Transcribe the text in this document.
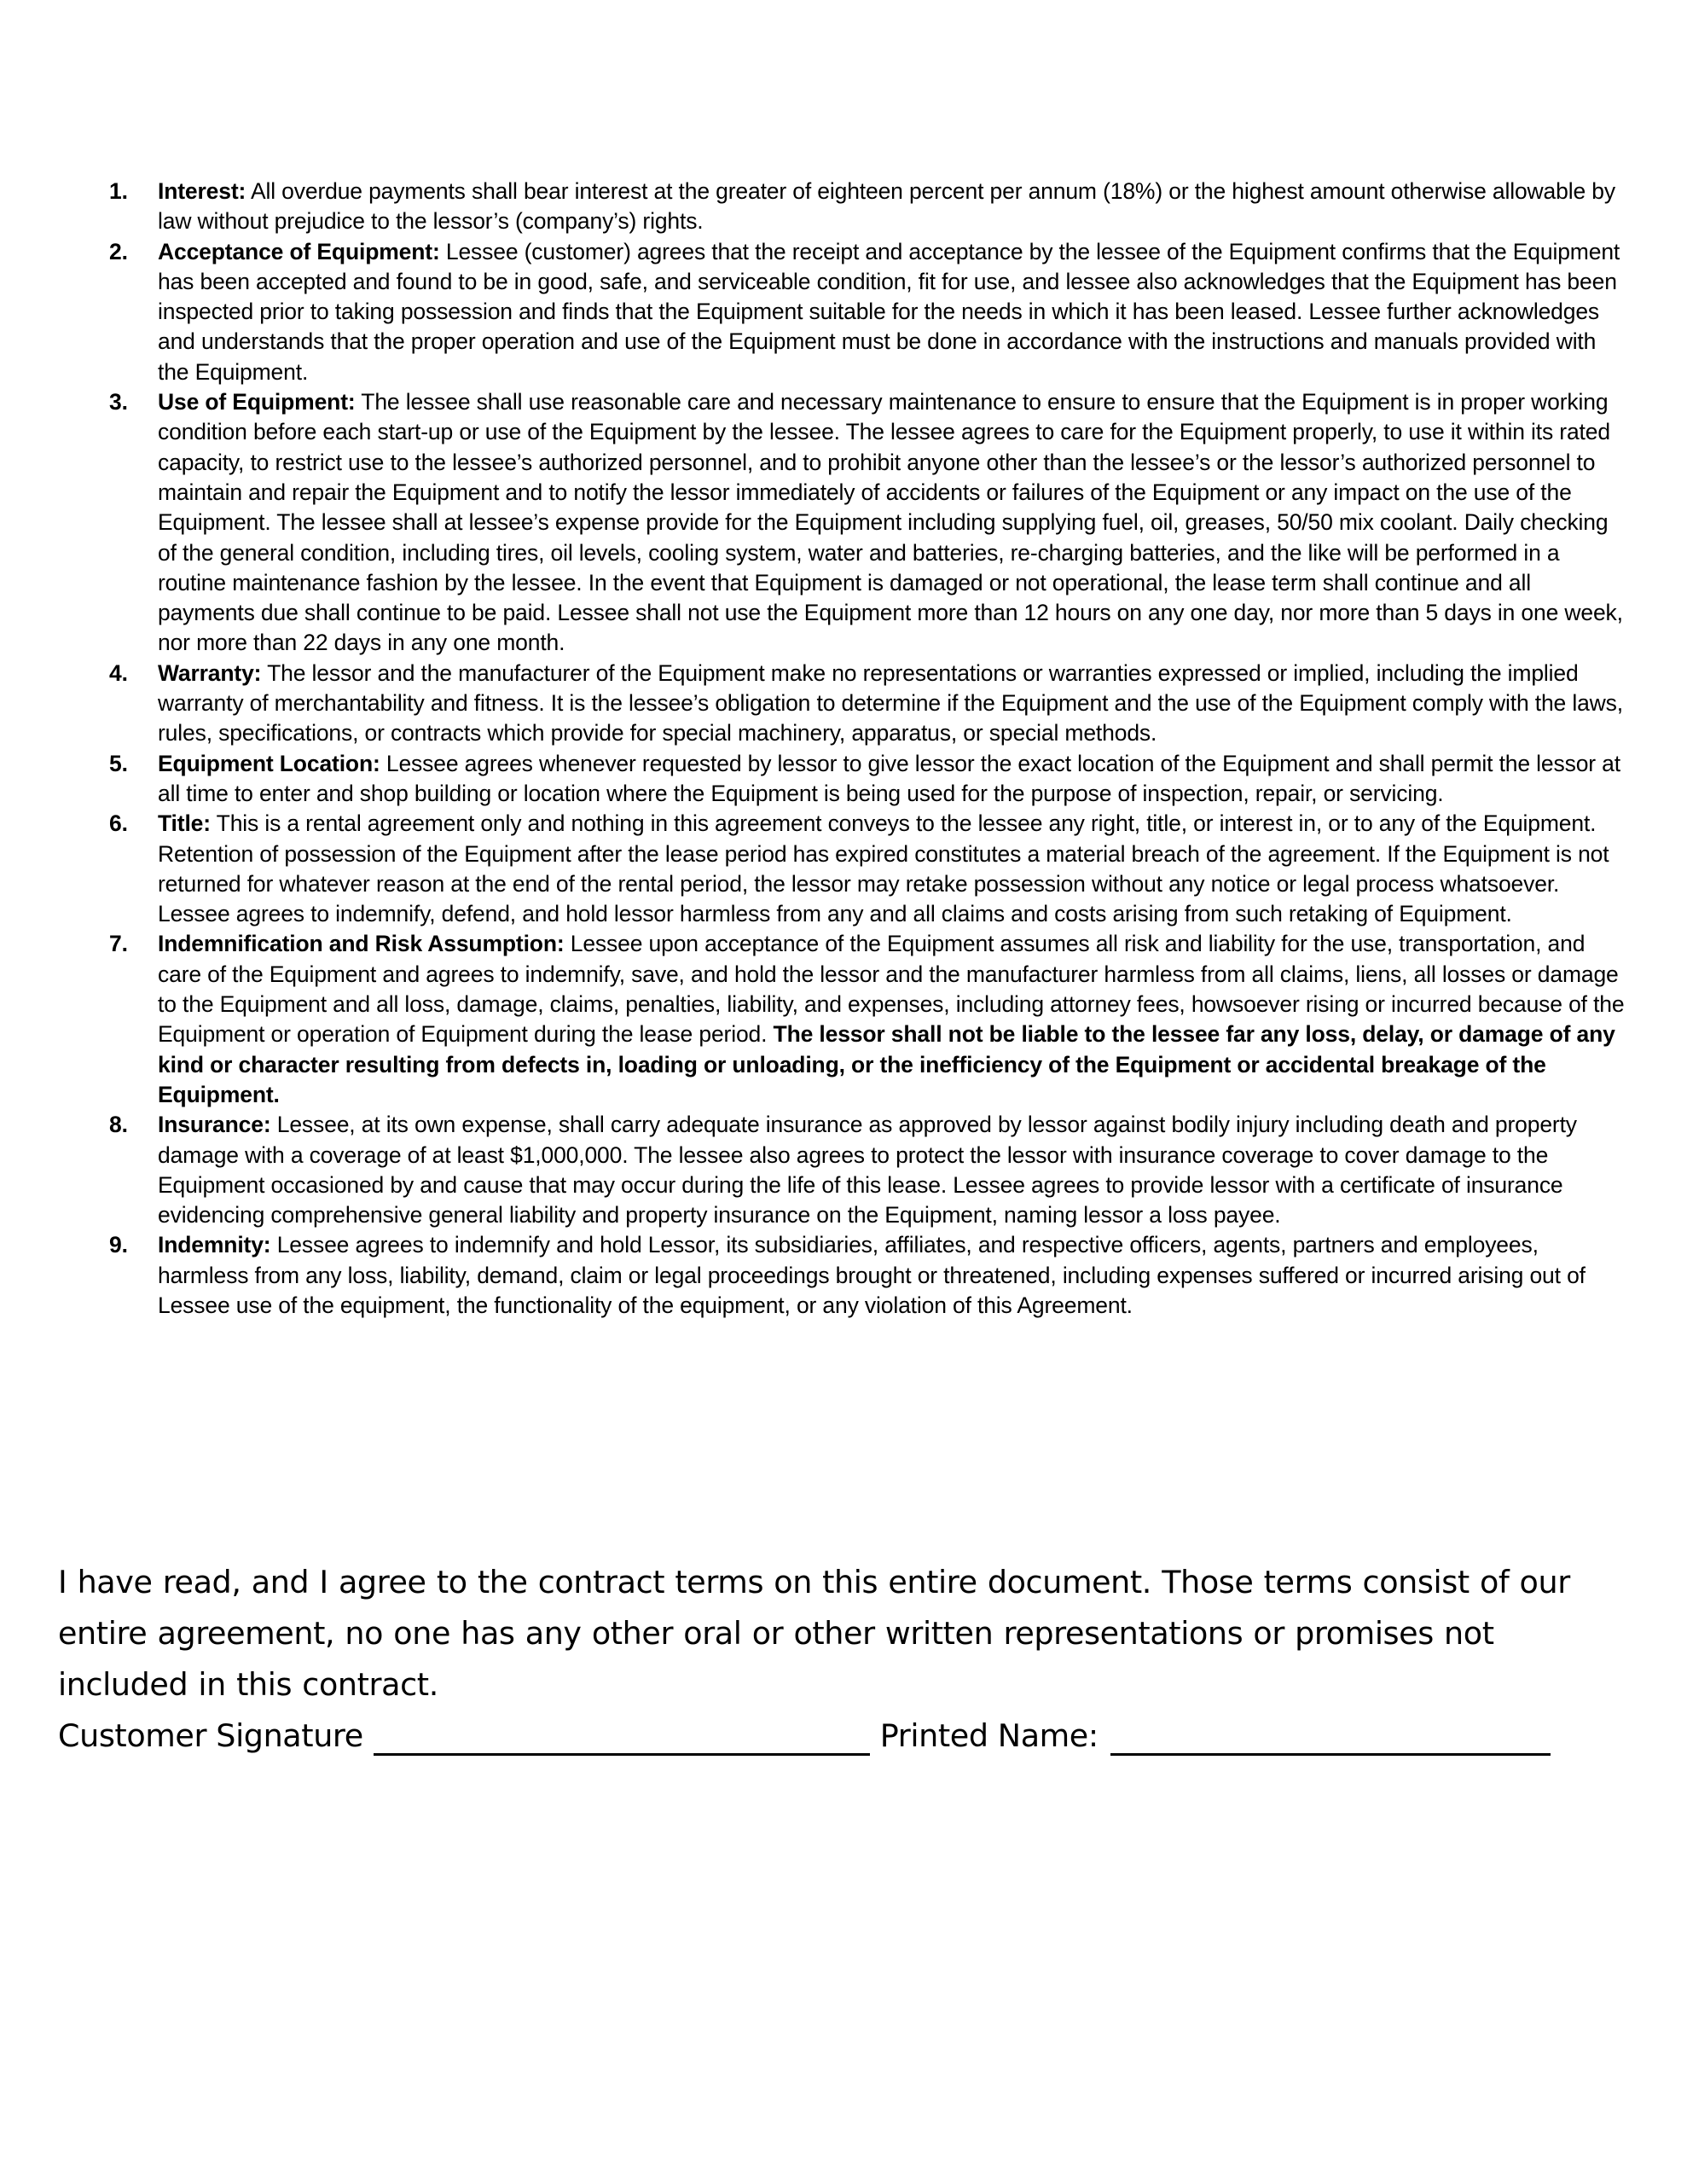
1. Interest: All overdue payments shall bear interest at the greater of eighteen percent per annum (18%) or the highest amount otherwise allowable by law without prejudice to the lessor’s (company’s) rights.
2. Acceptance of Equipment: Lessee (customer) agrees that the receipt and acceptance by the lessee of the Equipment confirms that the Equipment has been accepted and found to be in good, safe, and serviceable condition, fit for use, and lessee also acknowledges that the Equipment has been inspected prior to taking possession and finds that the Equipment suitable for the needs in which it has been leased. Lessee further acknowledges and understands that the proper operation and use of the Equipment must be done in accordance with the instructions and manuals provided with the Equipment.
3. Use of Equipment: The lessee shall use reasonable care and necessary maintenance to ensure to ensure that the Equipment is in proper working condition before each start-up or use of the Equipment by the lessee. The lessee agrees to care for the Equipment properly, to use it within its rated capacity, to restrict use to the lessee’s authorized personnel, and to prohibit anyone other than the lessee’s or the lessor’s authorized personnel to maintain and repair the Equipment and to notify the lessor immediately of accidents or failures of the Equipment or any impact on the use of the Equipment. The lessee shall at lessee’s expense provide for the Equipment including supplying fuel, oil, greases, 50/50 mix coolant. Daily checking of the general condition, including tires, oil levels, cooling system, water and batteries, re-charging batteries, and the like will be performed in a routine maintenance fashion by the lessee. In the event that Equipment is damaged or not operational, the lease term shall continue and all payments due shall continue to be paid. Lessee shall not use the Equipment more than 12 hours on any one day, nor more than 5 days in one week, nor more than 22 days in any one month.
4. Warranty: The lessor and the manufacturer of the Equipment make no representations or warranties expressed or implied, including the implied warranty of merchantability and fitness. It is the lessee’s obligation to determine if the Equipment and the use of the Equipment comply with the laws, rules, specifications, or contracts which provide for special machinery, apparatus, or special methods.
5. Equipment Location: Lessee agrees whenever requested by lessor to give lessor the exact location of the Equipment and shall permit the lessor at all time to enter and shop building or location where the Equipment is being used for the purpose of inspection, repair, or servicing.
6. Title: This is a rental agreement only and nothing in this agreement conveys to the lessee any right, title, or interest in, or to any of the Equipment. Retention of possession of the Equipment after the lease period has expired constitutes a material breach of the agreement. If the Equipment is not returned for whatever reason at the end of the rental period, the lessor may retake possession without any notice or legal process whatsoever. Lessee agrees to indemnify, defend, and hold lessor harmless from any and all claims and costs arising from such retaking of Equipment.
7. Indemnification and Risk Assumption: Lessee upon acceptance of the Equipment assumes all risk and liability for the use, transportation, and care of the Equipment and agrees to indemnify, save, and hold the lessor and the manufacturer harmless from all claims, liens, all losses or damage to the Equipment and all loss, damage, claims, penalties, liability, and expenses, including attorney fees, howsoever rising or incurred because of the Equipment or operation of Equipment during the lease period. The lessor shall not be liable to the lessee far any loss, delay, or damage of any kind or character resulting from defects in, loading or unloading, or the inefficiency of the Equipment or accidental breakage of the Equipment.
8. Insurance: Lessee, at its own expense, shall carry adequate insurance as approved by lessor against bodily injury including death and property damage with a coverage of at least $1,000,000. The lessee also agrees to protect the lessor with insurance coverage to cover damage to the Equipment occasioned by and cause that may occur during the life of this lease. Lessee agrees to provide lessor with a certificate of insurance evidencing comprehensive general liability and property insurance on the Equipment, naming lessor a loss payee.
9. Indemnity: Lessee agrees to indemnify and hold Lessor, its subsidiaries, affiliates, and respective officers, agents, partners and employees, harmless from any loss, liability, demand, claim or legal proceedings brought or threatened, including expenses suffered or incurred arising out of Lessee use of the equipment, the functionality of the equipment, or any violation of this Agreement.

I have read, and I agree to the contract terms on this entire document. Those terms consist of our entire agreement, no one has any other oral or other written representations or promises not included in this contract.

Customer Signature	Printed Name:
